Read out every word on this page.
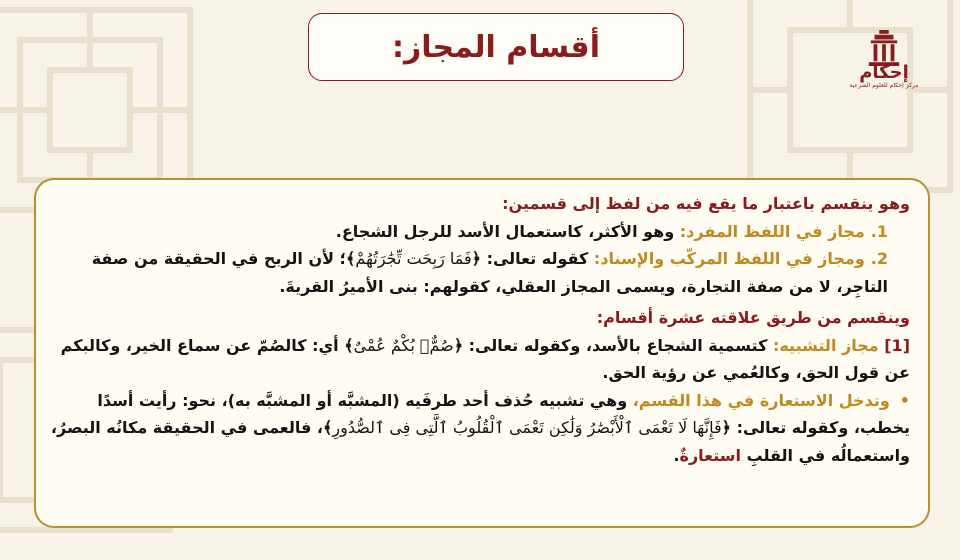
أقسام المجاز:
إحكام
مركز إحكام للعلوم الشرعية

وهو ينقسم باعتبار ما يقع فيه من لفظ إلى قسمين:

1.مجاز في اللفظ المفرد: وهو الأكثر، كاستعمال الأسد للرجل الشجاع.

2.ومجاز في اللفظ المركّب والإسناد: كقوله تعالى: ﴿فَمَا رَبِحَت تِّجَٰرَتُهُمْ﴾؛ لأن الربح في الحقيقة من صفة التاجِر، لا من صفة التجارة، ويسمى المجاز العقلي، كقولهم: بنى الأميرُ القريةَ.

وينقسم من طريق علاقته عشرة أقسام:

[1] مجاز التشبيه: كتسمية الشجاع بالأسد، وكقوله تعالى: ﴿صُمٌّۢ بُكْمٌ عُمْىٌ﴾ أي: كالصُمّ عن سماع الخير، وكالبكم عن قول الحق، وكالعُمي عن رؤية الحق.

•وتدخل الاستعارة في هذا القسم، وهي تشبيه حُذف أحد طرفَيه (المشبَّه أو المشبَّه به)، نحو: رأيت أسدًا يخطب، وكقوله تعالى: ﴿فَإِنَّهَا لَا تَعْمَى ٱلْأَبْصَٰرُ وَلَٰكِن تَعْمَى ٱلْقُلُوبُ ٱلَّتِى فِى ٱلصُّدُورِ﴾، فالعمى في الحقيقة مكانُه البصرُ، واستعمالُه في القلبِ استعارةٌ.
